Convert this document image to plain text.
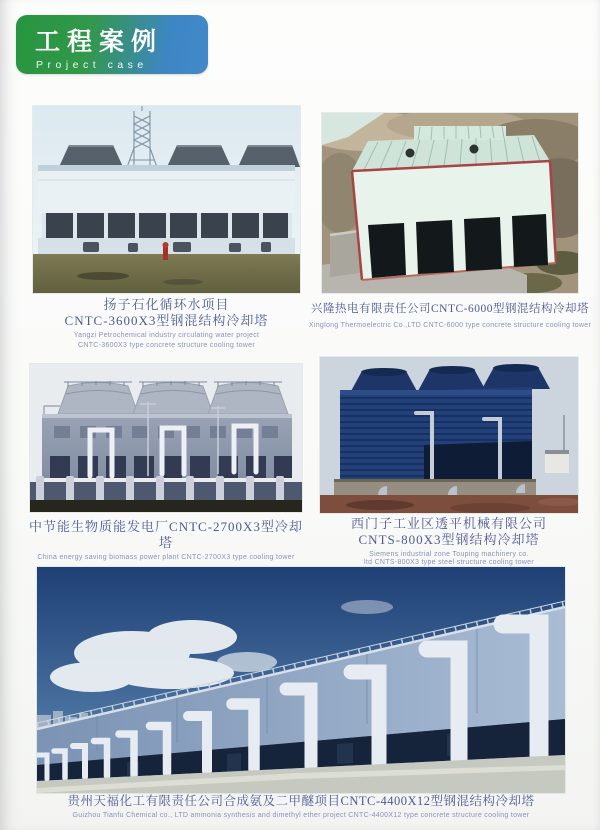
工程案例
Project case
扬子石化循环水项目
CNTC-3600X3型钢混结构冷却塔
Yangzi Petrochemical industry circulating water project
CNTC-3600X3 type concrete structure cooling tower
兴隆热电有限责任公司CNTC-6000型钢混结构冷却塔
Xinglong Thermoelectric Co.,LTD CNTC-6000 type concrete structure cooling tower
中节能生物质能发电厂CNTC-2700X3型冷却塔
China energy saving biomass power plant CNTC-2700X3 type cooling tower
西门子工业区透平机械有限公司
CNTS-800X3型钢结构冷却塔
Siemens industrial zone Touping machinery co.
ltd CNTS-800X3 type steel structure cooling tower
贵州天福化工有限责任公司合成氨及二甲醚项目CNTC-4400X12型钢混结构冷却塔
Guizhou Tianfu Chemical co., LTD ammonia synthesis and dimethyl ether project CNTC-4400X12 type concrete structure cooling tower
